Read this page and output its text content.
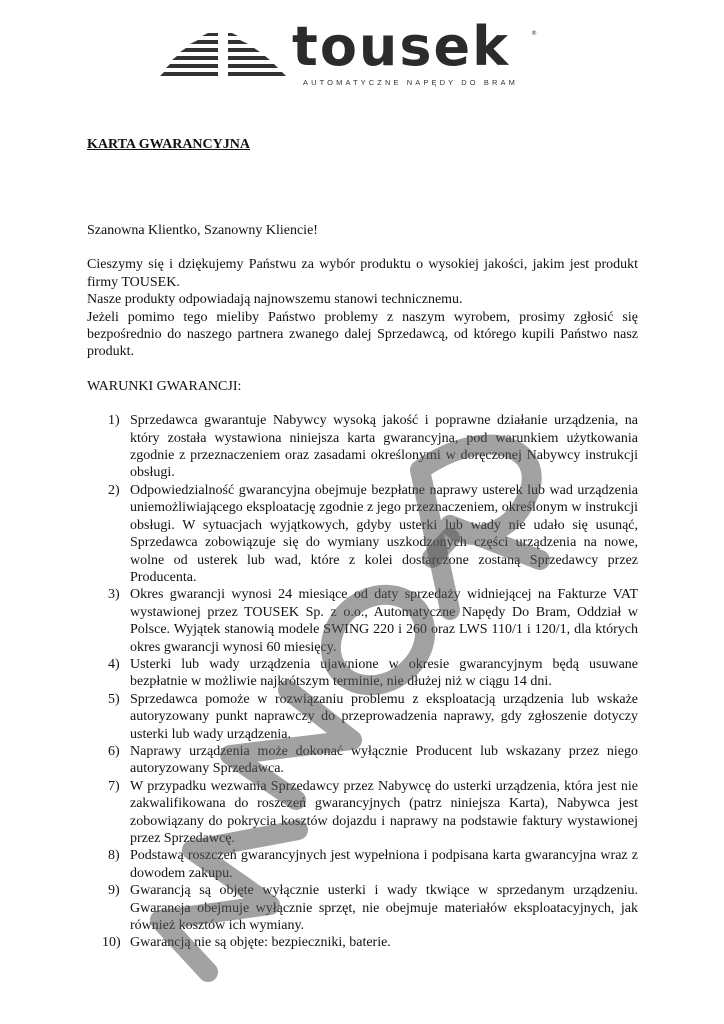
tousek	®
AUTOMATYCZNE NAPĘDY DO BRAM
KARTA GWARANCYJNA

Szanowna Klientko, Szanowny Kliencie!

Cieszymy się i dziękujemy Państwu za wybór produktu o wysokiej jakości, jakim jest produkt firmy TOUSEK.

Nasze produkty odpowiadają najnowszemu stanowi technicznemu.

Jeżeli pomimo tego mieliby Państwo problemy z naszym wyrobem, prosimy zgłosić się bezpośrednio do naszego partnera zwanego dalej Sprzedawcą, od którego kupili Państwo nasz produkt.

WARUNKI GWARANCJI:

1) Sprzedawca gwarantuje Nabywcy wysoką jakość i poprawne działanie urządzenia, na który została wystawiona niniejsza karta gwarancyjna, pod warunkiem użytkowania zgodnie z przeznaczeniem oraz zasadami określonymi w doręczonej Nabywcy instrukcji obsługi.
2) Odpowiedzialność gwarancyjna obejmuje bezpłatne naprawy usterek lub wad urządzenia uniemożliwiającego eksploatację zgodnie z jego przeznaczeniem, określonym w instrukcji obsługi. W sytuacjach wyjątkowych, gdyby usterki lub wady nie udało się usunąć, Sprzedawca zobowiązuje się do wymiany uszkodzonych części urządzenia na nowe, wolne od usterek lub wad, które z kolei dostarczone zostaną Sprzedawcy przez Producenta.
3) Okres gwarancji wynosi 24 miesiące od daty sprzedaży widniejącej na Fakturze VAT wystawionej przez TOUSEK Sp. z o.o., Automatyczne Napędy Do Bram, Oddział w Polsce. Wyjątek stanowią modele SWING 220 i 260 oraz LWS 110/1 i 120/1, dla których okres gwarancji wynosi 60 miesięcy.
4) Usterki lub wady urządzenia ujawnione w okresie gwarancyjnym będą usuwane bezpłatnie w możliwie najkrótszym terminie, nie dłużej niż w ciągu 14 dni.
5) Sprzedawca pomoże w rozwiązaniu problemu z eksploatacją urządzenia lub wskaże autoryzowany punkt naprawczy do przeprowadzenia naprawy, gdy zgłoszenie dotyczy usterki lub wady urządzenia.
6) Naprawy urządzenia może dokonać wyłącznie Producent lub wskazany przez niego autoryzowany Sprzedawca.
7) W przypadku wezwania Sprzedawcy przez Nabywcę do usterki urządzenia, która jest nie zakwalifikowana do roszczeń gwarancyjnych (patrz niniejsza Karta), Nabywca jest zobowiązany do pokrycia kosztów dojazdu i naprawy na podstawie faktury wystawionej przez Sprzedawcę.
8) Podstawą roszczeń gwarancyjnych jest wypełniona i podpisana karta gwarancyjna wraz z dowodem zakupu.
9) Gwarancją są objęte wyłącznie usterki i wady tkwiące w sprzedanym urządzeniu. Gwarancja obejmuje wyłącznie sprzęt, nie obejmuje materiałów eksploatacyjnych, jak również kosztów ich wymiany.
10) Gwarancją nie są objęte: bezpieczniki, baterie.
